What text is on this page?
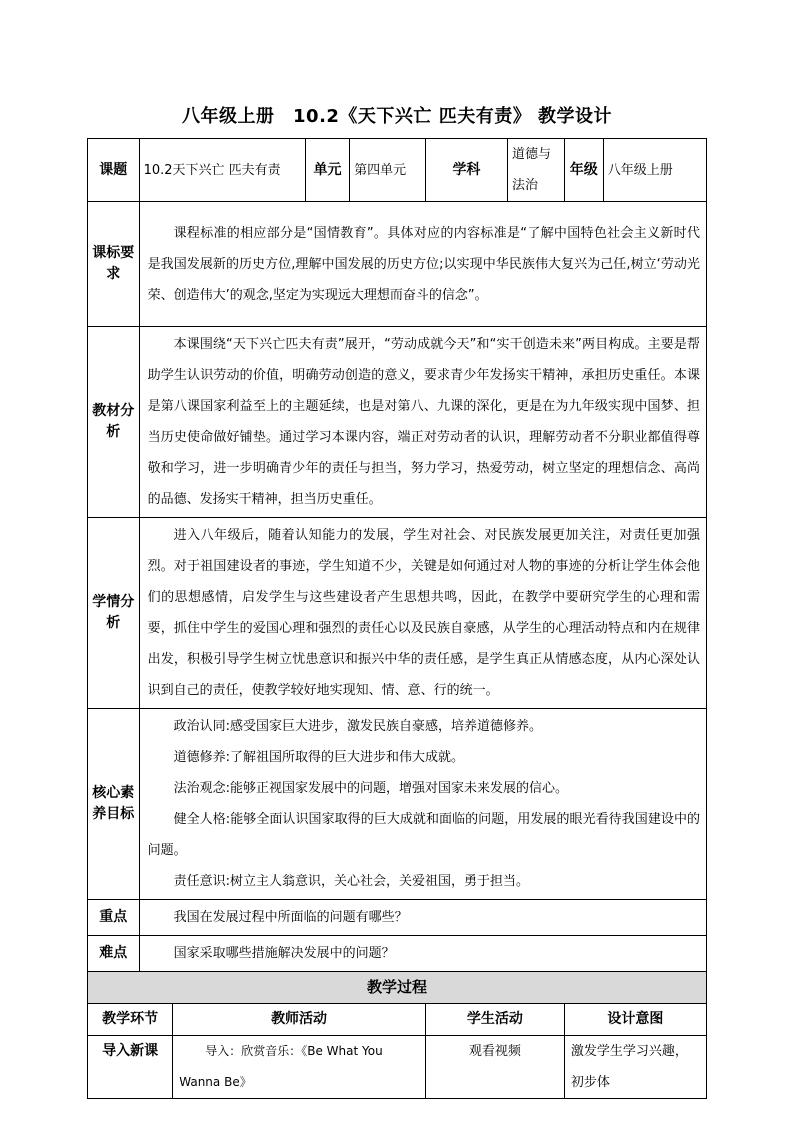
八年级上册　10.2《天下兴亡 匹夫有责》 教学设计
课题	10.2天下兴亡 匹夫有责		单元	第四单元	学科	道德与法治	年级	八年级上册
课标要求	课程标准的相应部分是“国情教育”。具体对应的内容标准是“了解中国特色社会主义新时代是我国发展新的历史方位,理解中国发展的历史方位;以实现中华民族伟大复兴为己任,树立‘劳动光荣、创造伟大’的观念,坚定为实现远大理想而奋斗的信念”。							
教材分析	本课围绕“天下兴亡匹夫有责”展开，“劳动成就今天”和“实干创造未来”两目构成。主要是帮助学生认识劳动的价值，明确劳动创造的意义，要求青少年发扬实干精神，承担历史重任。本课是第八课国家利益至上的主题延续，也是对第八、九课的深化，更是在为九年级实现中国梦、担当历史使命做好铺垫。通过学习本课内容，端正对劳动者的认识，理解劳动者不分职业都值得尊敬和学习，进一步明确青少年的责任与担当，努力学习，热爱劳动，树立坚定的理想信念、高尚的品德、发扬实干精神，担当历史重任。							
学情分析	进入八年级后，随着认知能力的发展，学生对社会、对民族发展更加关注，对责任更加强烈。对于祖国建设者的事迹，学生知道不少，关键是如何通过对人物的事迹的分析让学生体会他们的思想感情，启发学生与这些建设者产生思想共鸣，因此，在教学中要研究学生的心理和需要，抓住中学生的爱国心理和强烈的责任心以及民族自豪感，从学生的心理活动特点和内在规律出发，积极引导学生树立忧患意识和振兴中华的责任感，是学生真正从情感态度，从内心深处认识到自己的责任，使教学较好地实现知、情、意、行的统一。							
核心素养目标	政治认同:感受国家巨大进步，激发民族自豪感，培养道德修养。

道德修养:了解祖国所取得的巨大进步和伟大成就。

法治观念:能够正视国家发展中的问题，增强对国家未来发展的信心。

健全人格:能够全面认识国家取得的巨大成就和面临的问题，用发展的眼光看待我国建设中的问题。

责任意识:树立主人翁意识，关心社会，关爱祖国，勇于担当。							

重点	我国在发展过程中所面临的问题有哪些？							
难点	国家采取哪些措施解决发展中的问题？							
教学过程								
教学环节		教师活动			学生活动		设计意图	
导入新课		导入：欣赏音乐：《Be What You Wanna Be》			观看视频		激发学生学习兴趣，初步体	
